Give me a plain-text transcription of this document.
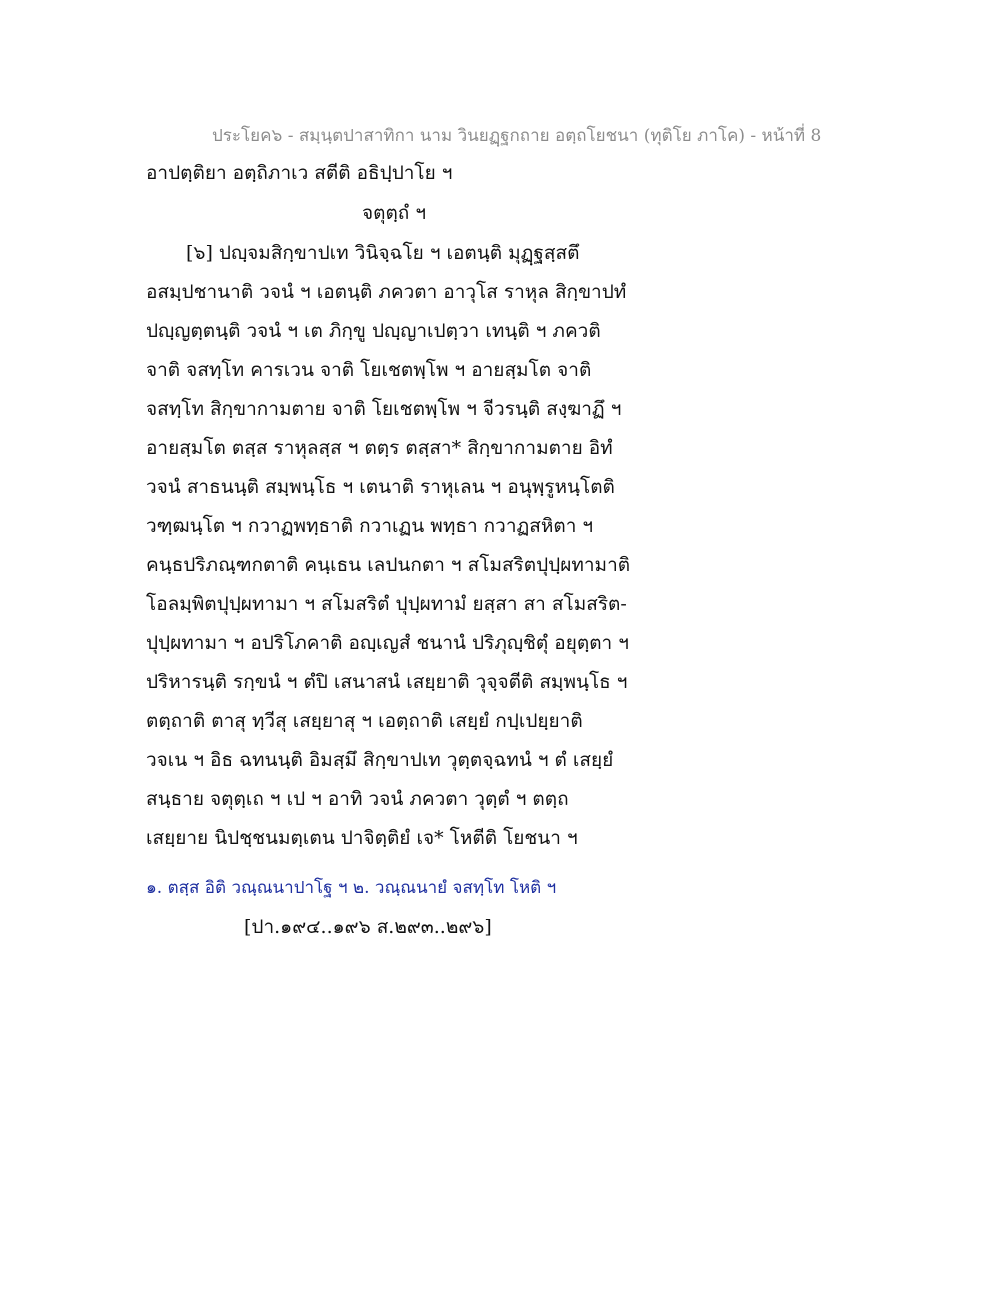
ประโยค๖ - สมฺนฺตปาสาทิกา นาม วินยฏฺฐกถาย อตฺถโยชนา (ทุติโย ภาโค) - หน้าที่ 8
อาปตฺติยา อตฺถิภาเว สตีติ อธิปฺปาโย ฯ
จตุตฺถํ ฯ
[๖] ปญฺจมสิกฺขาปเท วินิจฺฉโย ฯ เอตนฺติ มุฏฺฐสฺสตึ
อสมฺปชานาติ วจนํ ฯ เอตนฺติ ภควตา อาวุโส ราหุล สิกฺขาปทํ
ปญฺญตฺตนฺติ วจนํ ฯ เต ภิกฺขู ปญฺญาเปตฺวา เทนฺติ ฯ ภควติ
จาติ จสทฺโท คารเวน จาติ โยเชตพฺโพ ฯ อายสฺมโต จาติ
จสทฺโท สิกฺขากามตาย จาติ โยเชตพฺโพ ฯ จีวรนฺติ สงฺฆาฏึ ฯ
อายสฺมโต ตสฺส ราหุลสฺส ฯ ตตฺร ตสฺสา* สิกฺขากามตาย อิทํ
วจนํ สาธนนฺติ สมฺพนฺโธ ฯ เตนาติ ราหุเลน ฯ อนุพฺรูหนฺโตติ
วฑฺฒนฺโต ฯ กวาฏพทฺธาติ กวาเฏน พทฺธา กวาฏสหิตา ฯ
คนฺธปริภณฺฑกตาติ คนฺเธน เลปนกตา ฯ สโมสริตปุปฺผทามาติ
โอลมฺพิตปุปฺผทามา ฯ สโมสริตํ ปุปฺผทามํ ยสฺสา สา สโมสริต-
ปุปฺผทามา ฯ อปริโภคาติ อญฺเญสํ ชนานํ ปริภุญฺชิตุํ อยุตฺตา ฯ
ปริหารนฺติ รกฺขนํ ฯ ตํปิ เสนาสนํ เสยฺยาติ วุจฺจตีติ สมฺพนฺโธ ฯ
ตตฺถาติ ตาสุ ทฺวีสุ เสยฺยาสุ ฯ เอตฺถาติ เสยฺยํ กปฺเปยฺยาติ
วจเน ฯ อิธ ฉทนนฺติ อิมสฺมึ สิกฺขาปเท วุตฺตจฺฉทนํ ฯ ตํ เสยฺยํ
สนฺธาย จตุตฺเถ ฯ เป ฯ อาทิ วจนํ ภควตา วุตฺตํ ฯ ตตฺถ
เสยฺยาย นิปชฺชนมตฺเตน ปาจิตฺติยํ เจ* โหตีติ โยชนา ฯ
๑. ตสฺส อิติ วณฺณนาปาโฐ ฯ ๒. วณฺณนายํ จสทฺโท โหติ ฯ
[ปา.๑๙๔..๑๙๖ ส.๒๙๓..๒๙๖]
